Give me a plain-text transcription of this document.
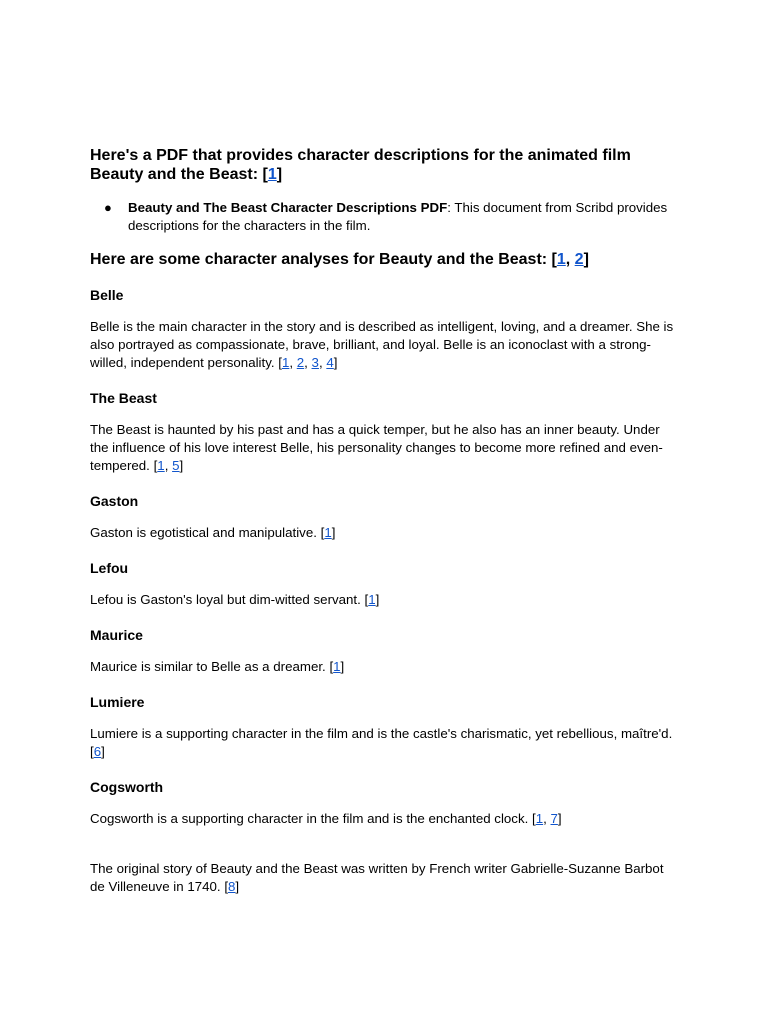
Here's a PDF that provides character descriptions for the animated film Beauty and the Beast: [1]
● Beauty and The Beast Character Descriptions PDF: This document from Scribd provides descriptions for the characters in the film.
Here are some character analyses for Beauty and the Beast: [1, 2]
Belle

Belle is the main character in the story and is described as intelligent, loving, and a dreamer. She is also portrayed as compassionate, brave, brilliant, and loyal. Belle is an iconoclast with a strong-willed, independent personality. [1, 2, 3, 4]

The Beast

The Beast is haunted by his past and has a quick temper, but he also has an inner beauty. Under the influence of his love interest Belle, his personality changes to become more refined and even-tempered. [1, 5]

Gaston

Gaston is egotistical and manipulative. [1]

Lefou

Lefou is Gaston's loyal but dim-witted servant. [1]

Maurice

Maurice is similar to Belle as a dreamer. [1]

Lumiere

Lumiere is a supporting character in the film and is the castle's charismatic, yet rebellious, maître'd. [6]

Cogsworth

Cogsworth is a supporting character in the film and is the enchanted clock. [1, 7]

The original story of Beauty and the Beast was written by French writer Gabrielle-Suzanne Barbot de Villeneuve in 1740. [8]
